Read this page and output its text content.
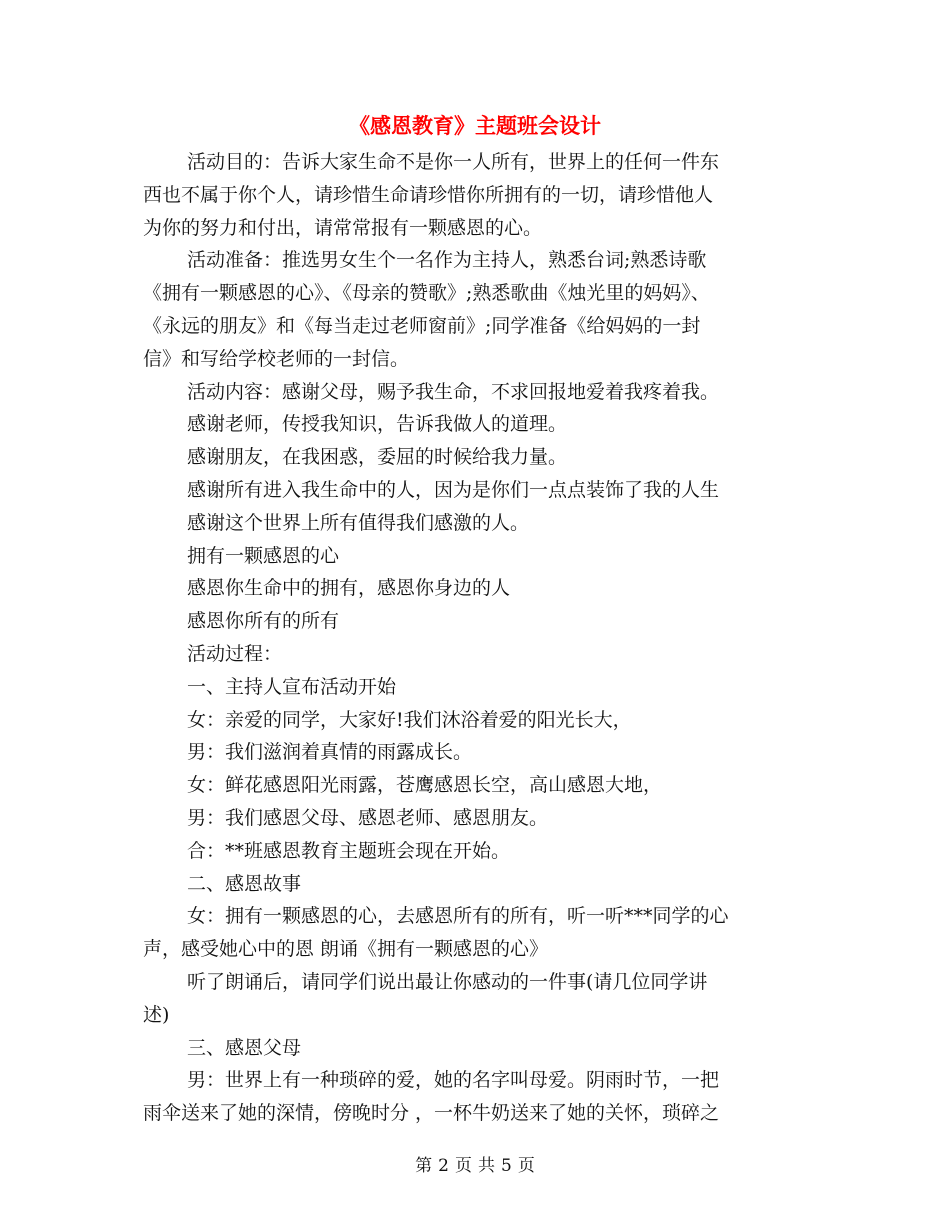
《感恩教育》主题班会设计

活动目的：告诉大家生命不是你一人所有，世界上的任何一件东

西也不属于你个人，请珍惜生命请珍惜你所拥有的一切，请珍惜他人

为你的努力和付出，请常常报有一颗感恩的心。

活动准备：推选男女生个一名作为主持人，熟悉台词;熟悉诗歌

《拥有一颗感恩的心》、《母亲的赞歌》;熟悉歌曲《烛光里的妈妈》、

《永远的朋友》和《每当走过老师窗前》;同学准备《给妈妈的一封

信》和写给学校老师的一封信。

活动内容：感谢父母，赐予我生命，不求回报地爱着我疼着我。

感谢老师，传授我知识，告诉我做人的道理。

感谢朋友，在我困惑，委屈的时候给我力量。

感谢所有进入我生命中的人，因为是你们一点点装饰了我的人生

感谢这个世界上所有值得我们感激的人。

拥有一颗感恩的心

感恩你生命中的拥有，感恩你身边的人

感恩你所有的所有

活动过程：

一、主持人宣布活动开始

女：亲爱的同学，大家好!我们沐浴着爱的阳光长大，

男：我们滋润着真情的雨露成长。

女：鲜花感恩阳光雨露，苍鹰感恩长空，高山感恩大地，

男：我们感恩父母、感恩老师、感恩朋友。

合：**班感恩教育主题班会现在开始。

二、感恩故事

女：拥有一颗感恩的心，去感恩所有的所有，听一听***同学的心

声，感受她心中的恩 朗诵《拥有一颗感恩的心》

听了朗诵后，请同学们说出最让你感动的一件事(请几位同学讲

述)

三、感恩父母

男：世界上有一种琐碎的爱，她的名字叫母爱。阴雨时节，一把

雨伞送来了她的深情，傍晚时分 ，一杯牛奶送来了她的关怀，琐碎之

第 2 页 共 5 页
